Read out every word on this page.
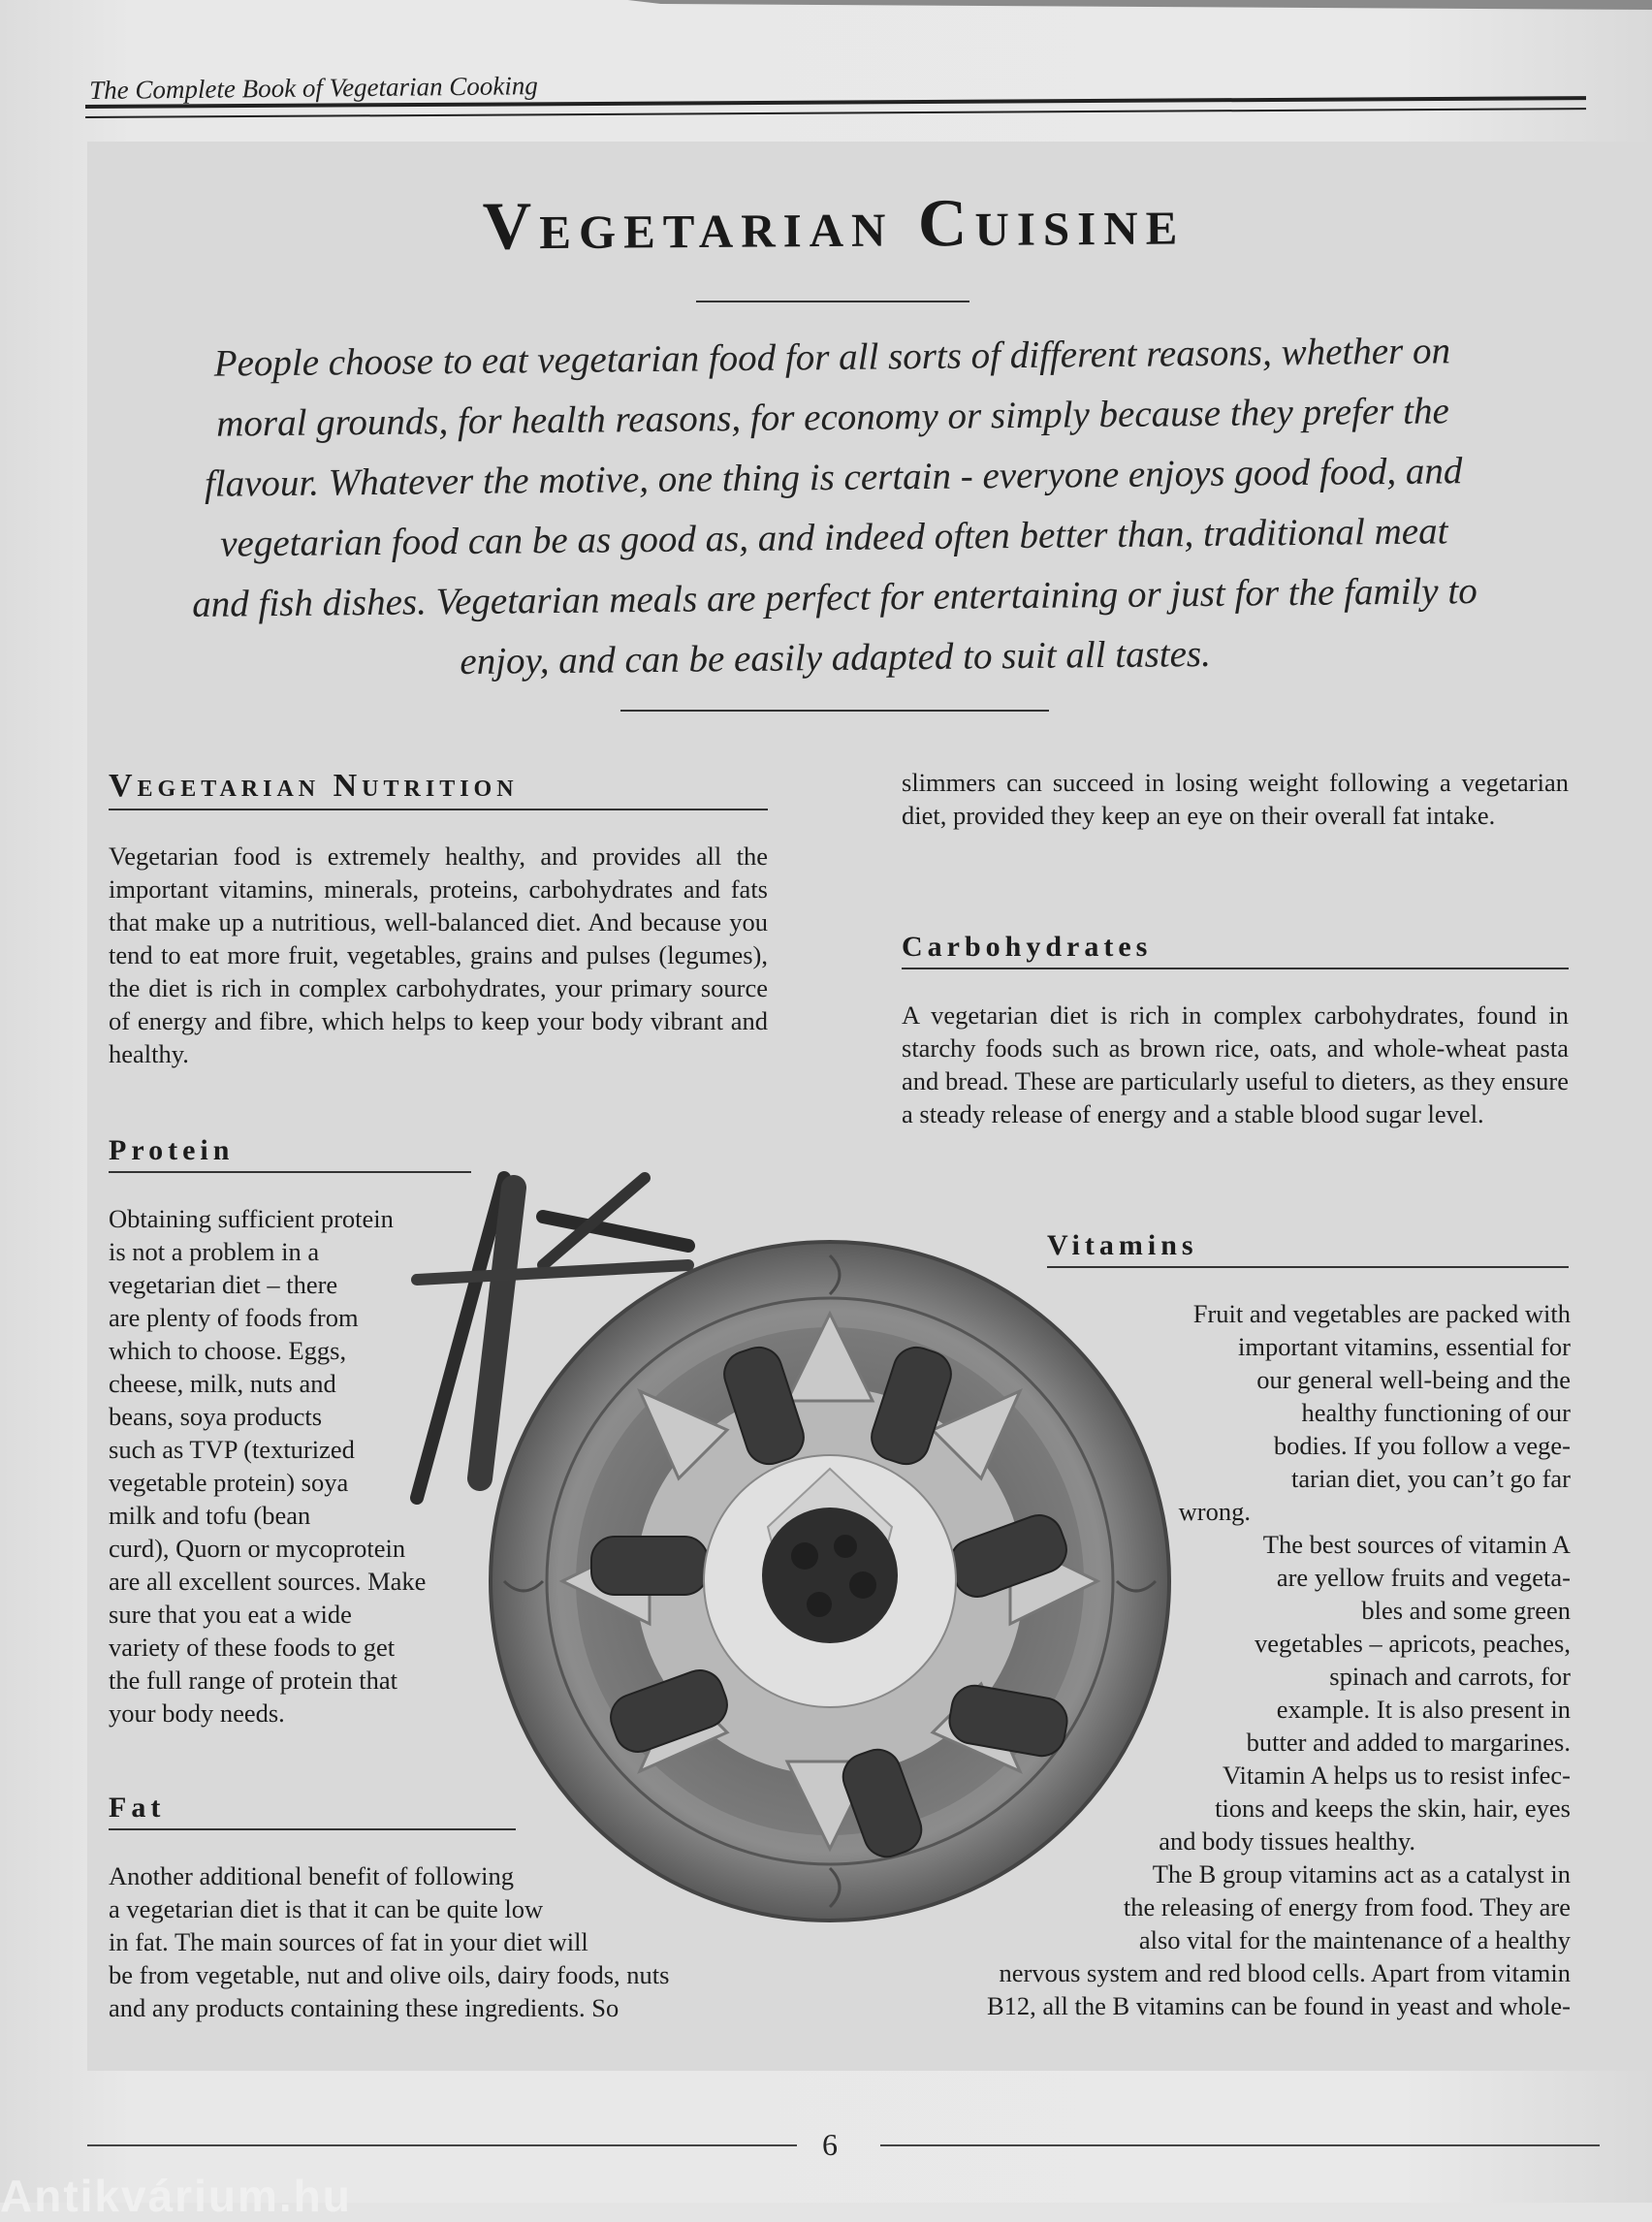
The Complete Book of Vegetarian Cooking
Vegetarian Cuisine
People choose to eat vegetarian food for all sorts of different reasons, whether on
moral grounds, for health reasons, for economy or simply because they prefer the
flavour. Whatever the motive, one thing is certain - everyone enjoys good food, and
vegetarian food can be as good as, and indeed often better than, traditional meat
and fish dishes. Vegetarian meals are perfect for entertaining or just for the family to
enjoy, and can be easily adapted to suit all tastes.
Vegetarian Nutrition
Vegetarian food is extremely healthy, and provides all the important vitamins, minerals, proteins, carbohydrates and fats that make up a nutritious, well-balanced diet. And because you tend to eat more fruit, vegetables, grains and pulses (legumes), the diet is rich in complex carbohydrates, your primary source of energy and fibre, which helps to keep your body vibrant and healthy.
Protein
Obtaining sufficient protein
is not a problem in a
vegetarian diet – there
are plenty of foods from
which to choose. Eggs,
cheese, milk, nuts and
beans, soya products
such as TVP (texturized
vegetable protein) soya
milk and tofu (bean
curd), Quorn or mycoprotein
are all excellent sources. Make
sure that you eat a wide
variety of these foods to get
the full range of protein that
your body needs.
Fat
Another additional benefit of following
a vegetarian diet is that it can be quite low
in fat. The main sources of fat in your diet will
be from vegetable, nut and olive oils, dairy foods, nuts
and any products containing these ingredients. So
slimmers can succeed in losing weight following a vegetarian diet, provided they keep an eye on their overall fat intake.
Carbohydrates
A vegetarian diet is rich in complex carbohydrates, found in starchy foods such as brown rice, oats, and whole-wheat pasta and bread. These are particularly useful to dieters, as they ensure a steady release of energy and a stable blood sugar level.
Vitamins
Fruit and vegetables are packed with
important vitamins, essential for
our general well-being and the
healthy functioning of our
bodies. If you follow a vege-
tarian diet, you can’t go far
wrong.
The best sources of vitamin A
are yellow fruits and vegeta-
bles and some green
vegetables – apricots, peaches,
spinach and carrots, for
example. It is also present in
butter and added to margarines.
Vitamin A helps us to resist infec-
tions and keeps the skin, hair, eyes
and body tissues healthy.
The B group vitamins act as a catalyst in
the releasing of energy from food. They are
also vital for the maintenance of a healthy
nervous system and red blood cells. Apart from vitamin
B12, all the B vitamins can be found in yeast and whole-
6
Antikvárium.hu
